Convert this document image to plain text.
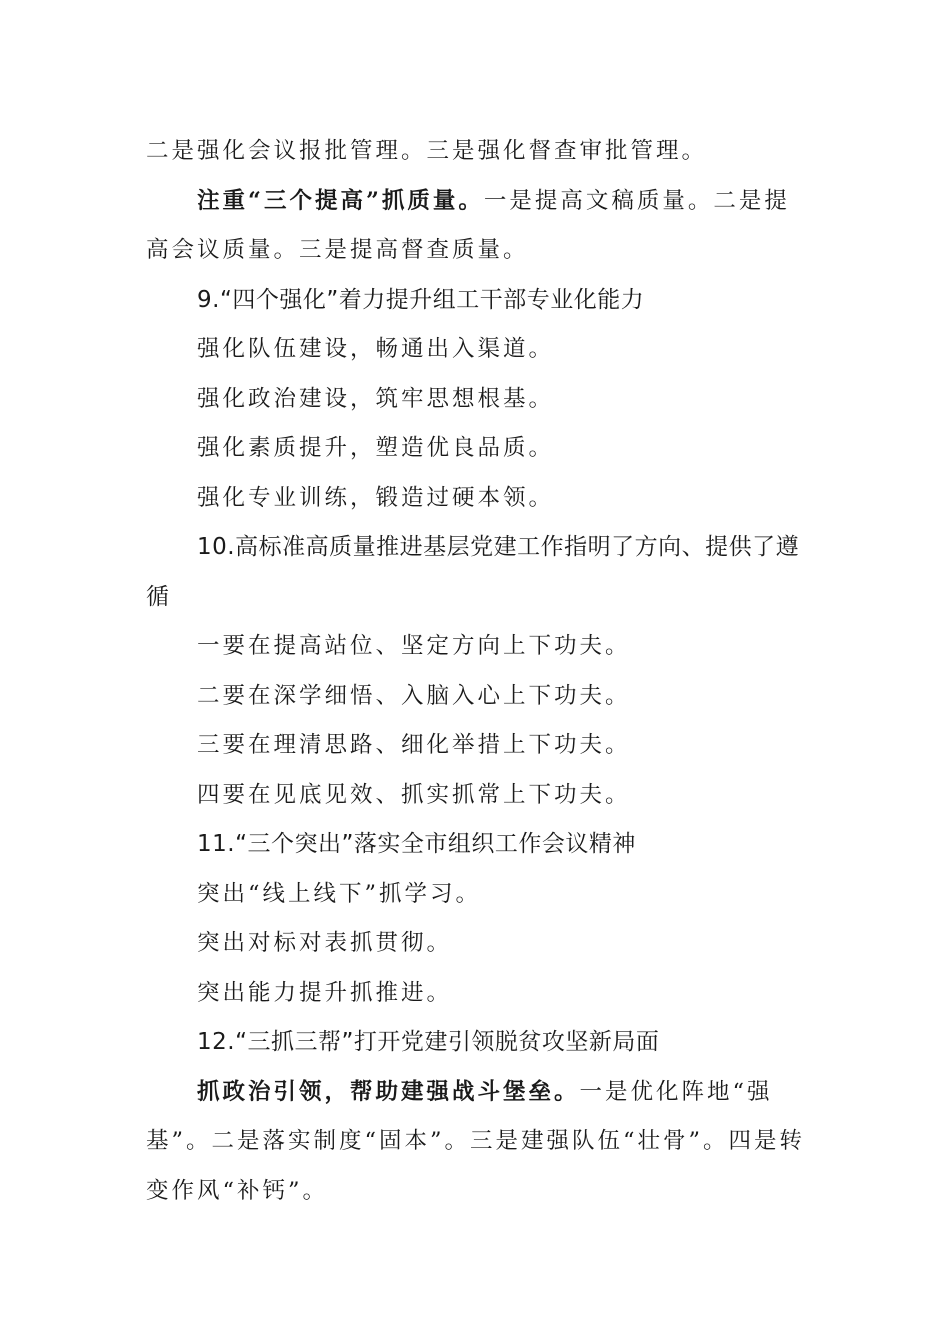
二是强化会议报批管理。三是强化督查审批管理。

注重“三个提高”抓质量。一是提高文稿质量。二是提高会议质量。三是提高督查质量。

9.“四个强化”着力提升组工干部专业化能力

强化队伍建设，畅通出入渠道。

强化政治建设，筑牢思想根基。

强化素质提升，塑造优良品质。

强化专业训练，锻造过硬本领。

10.高标准高质量推进基层党建工作指明了方向、提供了遵循

一要在提高站位、坚定方向上下功夫。

二要在深学细悟、入脑入心上下功夫。

三要在理清思路、细化举措上下功夫。

四要在见底见效、抓实抓常上下功夫。

11.“三个突出”落实全市组织工作会议精神

突出“线上线下”抓学习。

突出对标对表抓贯彻。

突出能力提升抓推进。

12.“三抓三帮”打开党建引领脱贫攻坚新局面

抓政治引领，帮助建强战斗堡垒。一是优化阵地“强基”。二是落实制度“固本”。三是建强队伍“壮骨”。四是转变作风“补钙”。
